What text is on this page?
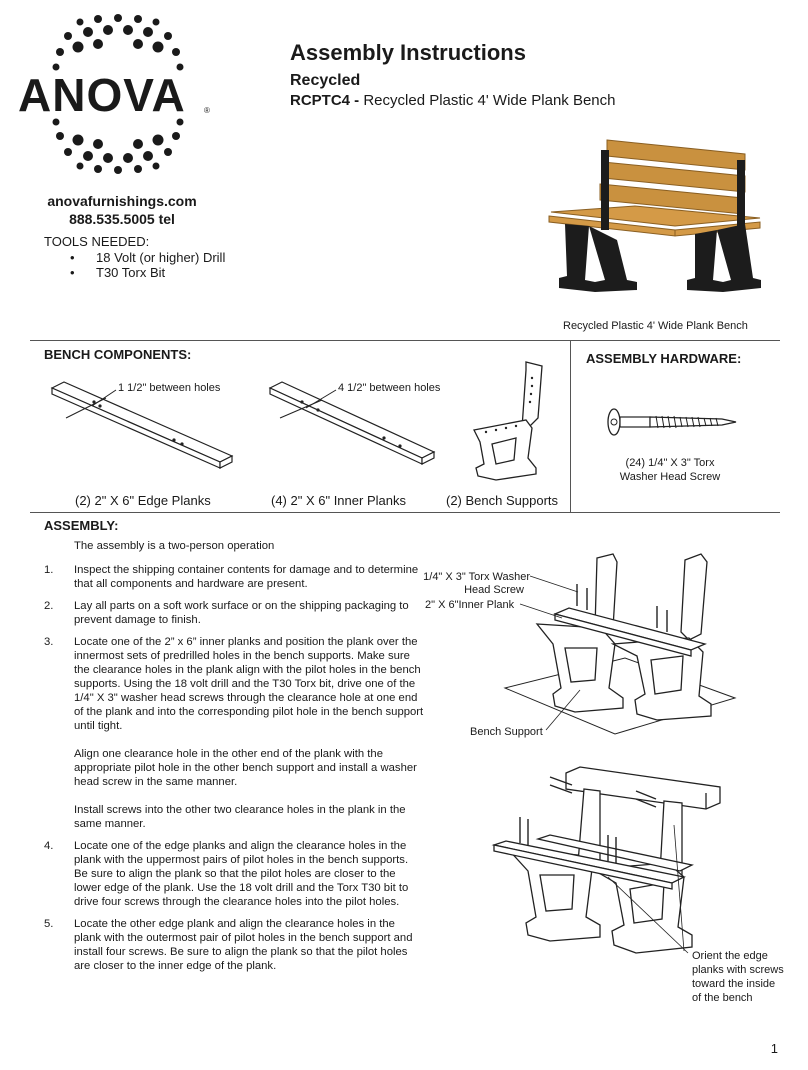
ANOVA ®
Assembly Instructions
Recycled
RCPTC4 - Recycled Plastic 4' Wide Plank Bench
anovafurnishings.com
888.535.5005 tel
TOOLS NEEDED:
• 18 Volt (or higher) Drill
• T30 Torx Bit
Recycled Plastic 4' Wide Plank Bench
BENCH COMPONENTS:	ASSEMBLY HARDWARE:
1 1/2" between holes	4 1/2" between holes
(2) 2" X 6" Edge Planks	(4) 2" X 6" Inner Planks	(2) Bench Supports
(24) 1/4" X 3" Torx
Washer Head Screw
ASSEMBLY:
The assembly is a two-person operation
1. Inspect the shipping container contents for damage and to determine that all components and hardware are present.

2. Lay all parts on a soft work surface or on the shipping packaging to prevent damage to finish.

3. Locate one of the 2” x 6” inner planks and position the plank over the innermost sets of predrilled holes in the bench supports. Make sure the clearance holes in the plank align with the pilot holes in the bench supports. Using the 18 volt drill and the T30 Torx bit, drive one of the 1/4" X 3" washer head screws through the clearance hole at one end of the plank and into the corresponding pilot hole in the bench support until tight.

Align one clearance hole in the other end of the plank with the appropriate pilot hole in the other bench support and install a washer head screw in the same manner.

Install screws into the other two clearance holes in the plank in the same manner.

4. Locate one of the edge planks and align the clearance holes in the plank with the uppermost pairs of pilot holes in the bench supports. Be sure to align the plank so that the pilot holes are closer to the lower edge of the plank. Use the 18 volt drill and the Torx T30 bit to drive four screws through the clearance holes into the pilot holes.

5. Locate the other edge plank and align the clearance holes in the plank with the outermost pair of pilot holes in the bench support and install four screws. Be sure to align the plank so that the pilot holes are closer to the inner edge of the plank.

1/4" X 3" Torx Washer
Head Screw
2" X 6"Inner Plank
Bench Support
Orient the edge
planks with screws
toward the inside
of the bench
1
